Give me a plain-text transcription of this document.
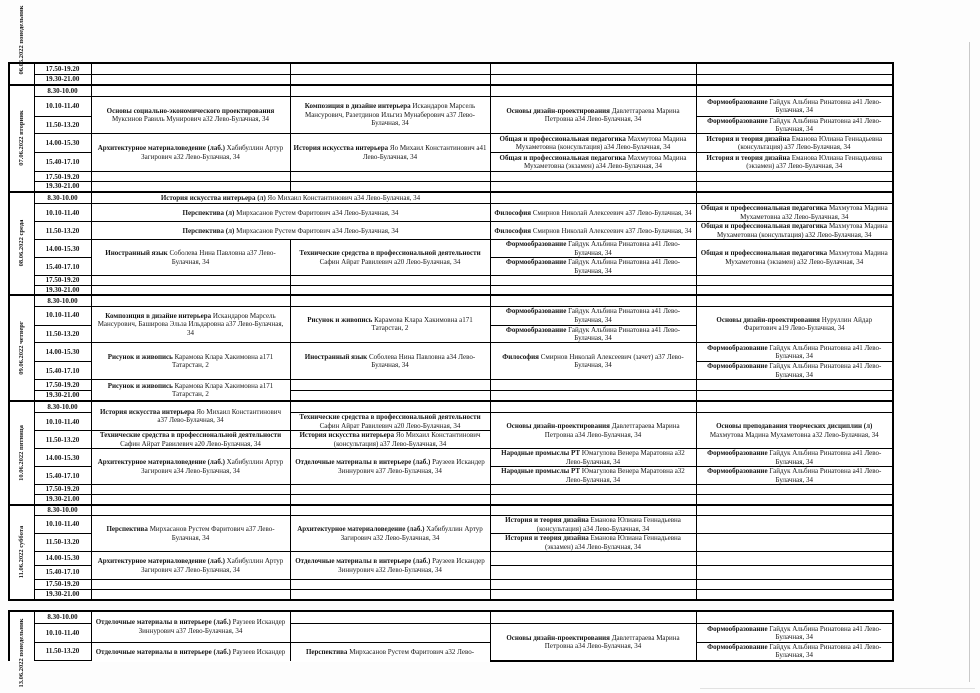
06.06.2022 понедельник	17.50-19.20				
	19.30-21.00				

07.06.2022 вторник	8.30-10.00				
	10.10-11.40	Основы социально-экономического проектирования Муксинов Равиль Мунирович а32 Лево-Булачная, 34	Композиция в дизайне интерьера Искандаров Марсель Мансурович, Разетдинов Ильгиз Мунаберович а37 Лево-Булачная, 34	Основы дизайн-проектирования Давлетгараева Марина Петровна а34 Лево-Булачная, 34	Формообразование Гайдук Альбина Ринатовна а41 Лево-Булачная, 34
	11.50-13.20				Формообразование Гайдук Альбина Ринатовна а41 Лево-Булачная, 34
	14.00-15.30	Архитектурное материаловедение (лаб.) Хабибуллин Артур Загирович а32 Лево-Булачная, 34	История искусства интерьера Яо Михаил Константинович а41 Лево-Булачная, 34	Общая и профессиональная педагогика Махмутова Мадина Мухаметовна (консультация) а34 Лево-Булачная, 34	История и теория дизайна Еманова Юлиана Геннадьевна (консультация) а37 Лево-Булачная, 34
	15.40-17.10			Общая и профессиональная педагогика Махмутова Мадина Мухаметовна (экзамен) а34 Лево-Булачная, 34	История и теория дизайна Еманова Юлиана Геннадьевна (экзамен) а37 Лево-Булачная, 34
	17.50-19.20				
	19.30-21.00				

08.06.2022 среда	8.30-10.00	История искусства интерьера (л) Яо Михаил Константинович а34 Лево-Булачная, 34			
	10.10-11.40	Перспектива (л) Мирхасанов Рустем Фаритович а34 Лево-Булачная, 34		Философия Смирнов Николай Алексеевич а37 Лево-Булачная, 34	Общая и профессиональная педагогика Махмутова Мадина Мухаметовна а32 Лево-Булачная, 34
	11.50-13.20	Перспектива (л) Мирхасанов Рустем Фаритович а34 Лево-Булачная, 34		Философия Смирнов Николай Алексеевич а37 Лево-Булачная, 34	Общая и профессиональная педагогика Махмутова Мадина Мухаметовна (консультация) а32 Лево-Булачная, 34
	14.00-15.30	Иностранный язык Соболева Нина Павловна а37 Лево-Булачная, 34	Технические средства в профессиональной деятельности Сафин Айрат Равилевич а20 Лево-Булачная, 34	Формообразование Гайдук Альбина Ринатовна а41 Лево-Булачная, 34	Общая и профессиональная педагогика Махмутова Мадина Мухаметовна (экзамен) а32 Лево-Булачная, 34
	15.40-17.10			Формообразование Гайдук Альбина Ринатовна а41 Лево-Булачная, 34	
	17.50-19.20				
	19.30-21.00				

09.06.2022 четверг	8.30-10.00				
	10.10-11.40	Композиция в дизайне интерьера Искандаров Марсель Мансурович, Баширова Эльза Ильдаровна а37 Лево-Булачная, 34	Рисунок и живопись Карамова Клара Хакимовна а171 Татарстан, 2	Формообразование Гайдук Альбина Ринатовна а41 Лево-Булачная, 34	Основы дизайн-проектирования Нуруллин Айдар Фаритович а19 Лево-Булачная, 34
	11.50-13.20			Формообразование Гайдук Альбина Ринатовна а41 Лево-Булачная, 34	
	14.00-15.30	Рисунок и живопись Карамова Клара Хакимовна а171 Татарстан, 2	Иностранный язык Соболева Нина Павловна а34 Лево-Булачная, 34	Философия Смирнов Николай Алексеевич (зачет) а37 Лево-Булачная, 34	Формообразование Гайдук Альбина Ринатовна а41 Лево-Булачная, 34
	15.40-17.10				Формообразование Гайдук Альбина Ринатовна а41 Лево-Булачная, 34
	17.50-19.20	Рисунок и живопись Карамова Клара Хакимовна а171 Татарстан, 2			
	19.30-21.00				

10.06.2022 пятница	8.30-10.00	История искусства интерьера Яо Михаил Константинович а37 Лево-Булачная, 34			
	10.10-11.40		Технические средства в профессиональной деятельности Сафин Айрат Равилевич а20 Лево-Булачная, 34	Основы дизайн-проектирования Давлетгараева Марина Петровна а34 Лево-Булачная, 34	Основы преподавания творческих дисциплин (л) Махмутова Мадина Мухаметовна а32 Лево-Булачная, 34
	11.50-13.20	Технические средства в профессиональной деятельности Сафин Айрат Равилевич а20 Лево-Булачная, 34	История искусства интерьера Яо Михаил Константинович (консультация) а37 Лево-Булачная, 34		
	14.00-15.30	Архитектурное материаловедение (лаб.) Хабибуллин Артур Загирович а34 Лево-Булачная, 34	Отделочные материалы в интерьере (лаб.) Раузеев Искандер Зиннурович а37 Лево-Булачная, 34	Народные промыслы РТ Юмагулова Венера Маратовна а32 Лево-Булачная, 34	Формообразование Гайдук Альбина Ринатовна а41 Лево-Булачная, 34
	15.40-17.10			Народные промыслы РТ Юмагулова Венера Маратовна а32 Лево-Булачная, 34	Формообразование Гайдук Альбина Ринатовна а41 Лево-Булачная, 34
	17.50-19.20				
	19.30-21.00				

11.06.2022 суббота	8.30-10.00				
	10.10-11.40	Перспектива Мирхасанов Рустем Фаритович а37 Лево-Булачная, 34	Архитектурное материаловедение (лаб.) Хабибуллин Артур Загирович а32 Лево-Булачная, 34	История и теория дизайна Еманова Юлиана Геннадьевна (консультация) а34 Лево-Булачная, 34	
	11.50-13.20			История и теория дизайна Еманова Юлиана Геннадьевна (экзамен) а34 Лево-Булачная, 34	
	14.00-15.30	Архитектурное материаловедение (лаб.) Хабибуллин Артур Загирович а37 Лево-Булачная, 34	Отделочные материалы в интерьере (лаб.) Раузеев Искандер Зиннурович а32 Лево-Булачная, 34		
	15.40-17.10				
	17.50-19.20				
	19.30-21.00				
13.06.2022 понедельник	8.30-10.00	Отделочные материалы в интерьере (лаб.) Раузеев Искандер Зиннурович а37 Лево-Булачная, 34			
	10.10-11.40			Основы дизайн-проектирования Давлетгараева Марина Петровна а34 Лево-Булачная, 34	Формообразование Гайдук Альбина Ринатовна а41 Лево-Булачная, 34
	11.50-13.20	Отделочные материалы в интерьере (лаб.) Раузеев Искандер	Перспектива Мирхасанов Рустем Фаритович а32 Лево-		Формообразование Гайдук Альбина Ринатовна а41 Лево-Булачная, 34
